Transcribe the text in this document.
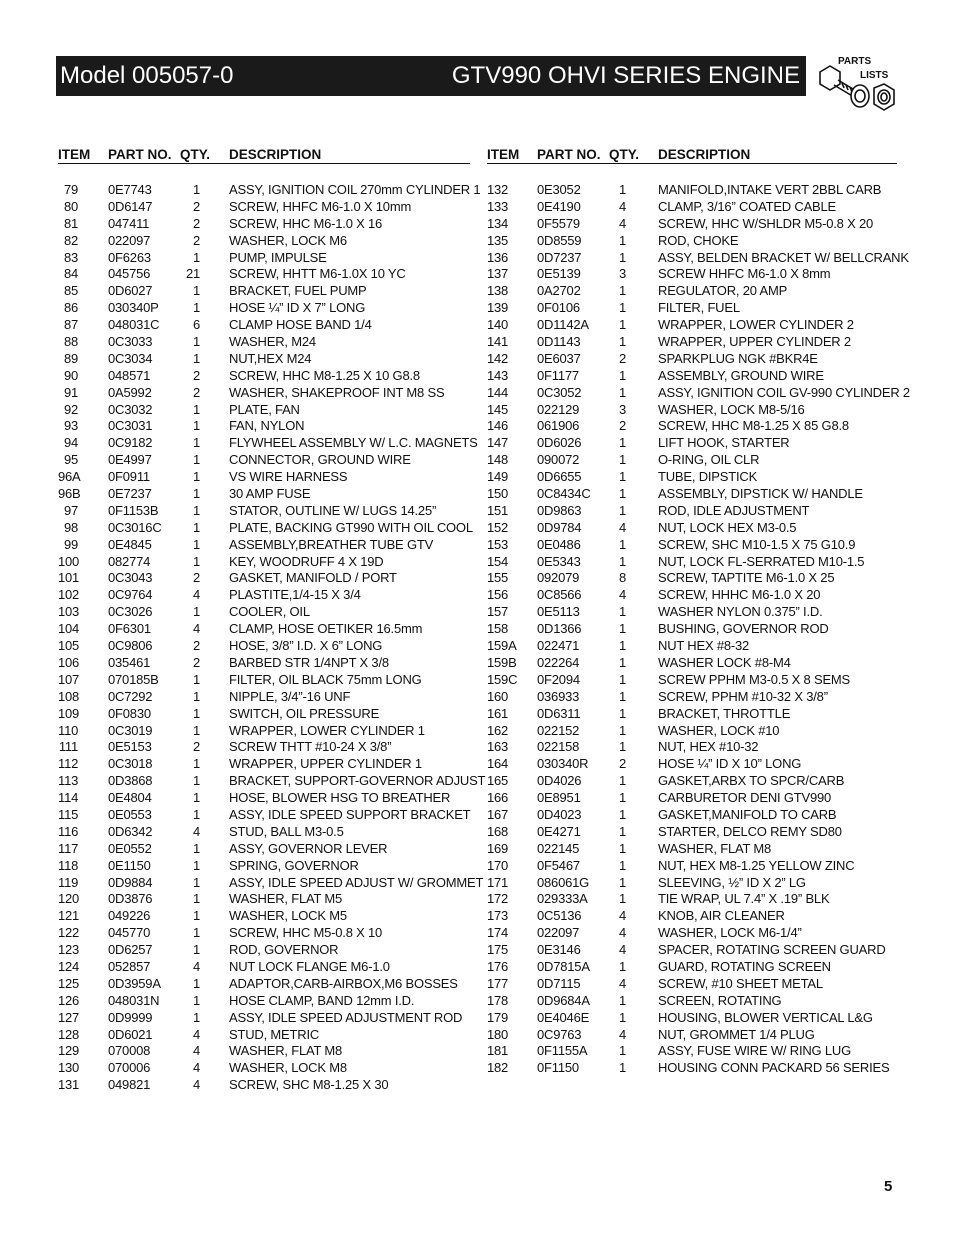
Model 005057-0	GTV990 OHVI SERIES ENGINE
PARTS
LISTS
ITEM PART NO. QTY. DESCRIPTION
79 0E7743	1 ASSY, IGNITION COIL 270mm CYLINDER 1
80 0D6147	2 SCREW, HHFC M6-1.0 X 10mm
81 047411	2 SCREW, HHC M6-1.0 X 16
82 022097	2 WASHER, LOCK M6
83 0F6263	1 PUMP, IMPULSE
84 045756	21 SCREW, HHTT M6-1.0X 10 YC
85 0D6027	1 BRACKET, FUEL PUMP
86 030340P	1 HOSE ¼” ID X 7” LONG
87 048031C	6 CLAMP HOSE BAND 1/4
88 0C3033	1 WASHER, M24
89 0C3034	1 NUT,HEX M24
90 048571	2 SCREW, HHC M8-1.25 X 10 G8.8
91 0A5992	2 WASHER, SHAKEPROOF INT M8 SS
92 0C3032	1 PLATE, FAN
93 0C3031	1 FAN, NYLON
94 0C9182	1 FLYWHEEL ASSEMBLY W/ L.C. MAGNETS
95 0E4997	1 CONNECTOR, GROUND WIRE
96A 0F0911	1 VS WIRE HARNESS
96B 0E7237	1 30 AMP FUSE
97 0F1153B	1 STATOR, OUTLINE W/ LUGS 14.25”
98 0C3016C	1 PLATE, BACKING GT990 WITH OIL COOL
99 0E4845	1 ASSEMBLY,BREATHER TUBE GTV
100 082774	1 KEY, WOODRUFF 4 X 19D
101 0C3043	2 GASKET, MANIFOLD / PORT
102 0C9764	4 PLASTITE,1/4-15 X 3/4
103 0C3026	1 COOLER, OIL
104 0F6301	4 CLAMP, HOSE OETIKER 16.5mm
105 0C9806	2 HOSE, 3/8” I.D. X 6” LONG
106 035461	2 BARBED STR 1/4NPT X 3/8
107 070185B	1 FILTER, OIL BLACK 75mm LONG
108 0C7292	1 NIPPLE, 3/4”-16 UNF
109 0F0830	1 SWITCH, OIL PRESSURE
110 0C3019	1 WRAPPER, LOWER CYLINDER 1
111 0E5153	2 SCREW THTT #10-24 X 3/8”
112 0C3018	1 WRAPPER, UPPER CYLINDER 1
113 0D3868	1 BRACKET, SUPPORT-GOVERNOR ADJUST
114 0E4804	1 HOSE, BLOWER HSG TO BREATHER
115 0E0553	1 ASSY, IDLE SPEED SUPPORT BRACKET
116 0D6342	4 STUD, BALL M3-0.5
117 0E0552	1 ASSY, GOVERNOR LEVER
118 0E1150	1 SPRING, GOVERNOR
119 0D9884	1 ASSY, IDLE SPEED ADJUST W/ GROMMET
120 0D3876	1 WASHER, FLAT M5
121 049226	1 WASHER, LOCK M5
122 045770	1 SCREW, HHC M5-0.8 X 10
123 0D6257	1 ROD, GOVERNOR
124 052857	4 NUT LOCK FLANGE M6-1.0
125 0D3959A	1 ADAPTOR,CARB-AIRBOX,M6 BOSSES
126 048031N	1 HOSE CLAMP, BAND 12mm I.D.
127 0D9999	1 ASSY, IDLE SPEED ADJUSTMENT ROD
128 0D6021	4 STUD, METRIC
129 070008	4 WASHER, FLAT M8
130 070006	4 WASHER, LOCK M8
131 049821	4 SCREW, SHC M8-1.25 X 30
ITEM PART NO. QTY. DESCRIPTION
132 0E3052	1 MANIFOLD,INTAKE VERT 2BBL CARB
133 0E4190	4 CLAMP, 3/16” COATED CABLE
134 0F5579	4 SCREW, HHC W/SHLDR M5-0.8 X 20
135 0D8559	1 ROD, CHOKE
136 0D7237	1 ASSY, BELDEN BRACKET W/ BELLCRANK
137 0E5139	3 SCREW HHFC M6-1.0 X 8mm
138 0A2702	1 REGULATOR, 20 AMP
139 0F0106	1 FILTER, FUEL
140 0D1142A	1 WRAPPER, LOWER CYLINDER 2
141 0D1143	1 WRAPPER, UPPER CYLINDER 2
142 0E6037	2 SPARKPLUG NGK #BKR4E
143 0F1177	1 ASSEMBLY, GROUND WIRE
144 0C3052	1 ASSY, IGNITION COIL GV-990 CYLINDER 2
145 022129	3 WASHER, LOCK M8-5/16
146 061906	2 SCREW, HHC M8-1.25 X 85 G8.8
147 0D6026	1 LIFT HOOK, STARTER
148 090072	1 O-RING, OIL CLR
149 0D6655	1 TUBE, DIPSTICK
150 0C8434C	1 ASSEMBLY, DIPSTICK W/ HANDLE
151 0D9863	1 ROD, IDLE ADJUSTMENT
152 0D9784	4 NUT, LOCK HEX M3-0.5
153 0E0486	1 SCREW, SHC M10-1.5 X 75 G10.9
154 0E5343	1 NUT, LOCK FL-SERRATED M10-1.5
155 092079	8 SCREW, TAPTITE M6-1.0 X 25
156 0C8566	4 SCREW, HHHC M6-1.0 X 20
157 0E5113	1 WASHER NYLON 0.375” I.D.
158 0D1366	1 BUSHING, GOVERNOR ROD
159A 022471	1 NUT HEX #8-32
159B 022264	1 WASHER LOCK #8-M4
159C 0F2094	1 SCREW PPHM M3-0.5 X 8 SEMS
160 036933	1 SCREW, PPHM #10-32 X 3/8”
161 0D6311	1 BRACKET, THROTTLE
162 022152	1 WASHER, LOCK #10
163 022158	1 NUT, HEX #10-32
164 030340R	2 HOSE ¼” ID X 10” LONG
165 0D4026	1 GASKET,ARBX TO SPCR/CARB
166 0E8951	1 CARBURETOR DENI GTV990
167 0D4023	1 GASKET,MANIFOLD TO CARB
168 0E4271	1 STARTER, DELCO REMY SD80
169 022145	1 WASHER, FLAT M8
170 0F5467	1 NUT, HEX M8-1.25 YELLOW ZINC
171 086061G	1 SLEEVING, ½” ID X 2” LG
172 029333A	1 TIE WRAP, UL 7.4” X .19” BLK
173 0C5136	4 KNOB, AIR CLEANER
174 022097	4 WASHER, LOCK M6-1/4”
175 0E3146	4 SPACER, ROTATING SCREEN GUARD
176 0D7815A	1 GUARD, ROTATING SCREEN
177 0D7115	4 SCREW, #10 SHEET METAL
178 0D9684A	1 SCREEN, ROTATING
179 0E4046E	1 HOUSING, BLOWER VERTICAL L&G
180 0C9763	4 NUT, GROMMET 1/4 PLUG
181 0F1155A	1 ASSY, FUSE WIRE W/ RING LUG
182 0F1150	1 HOUSING CONN PACKARD 56 SERIES
5
